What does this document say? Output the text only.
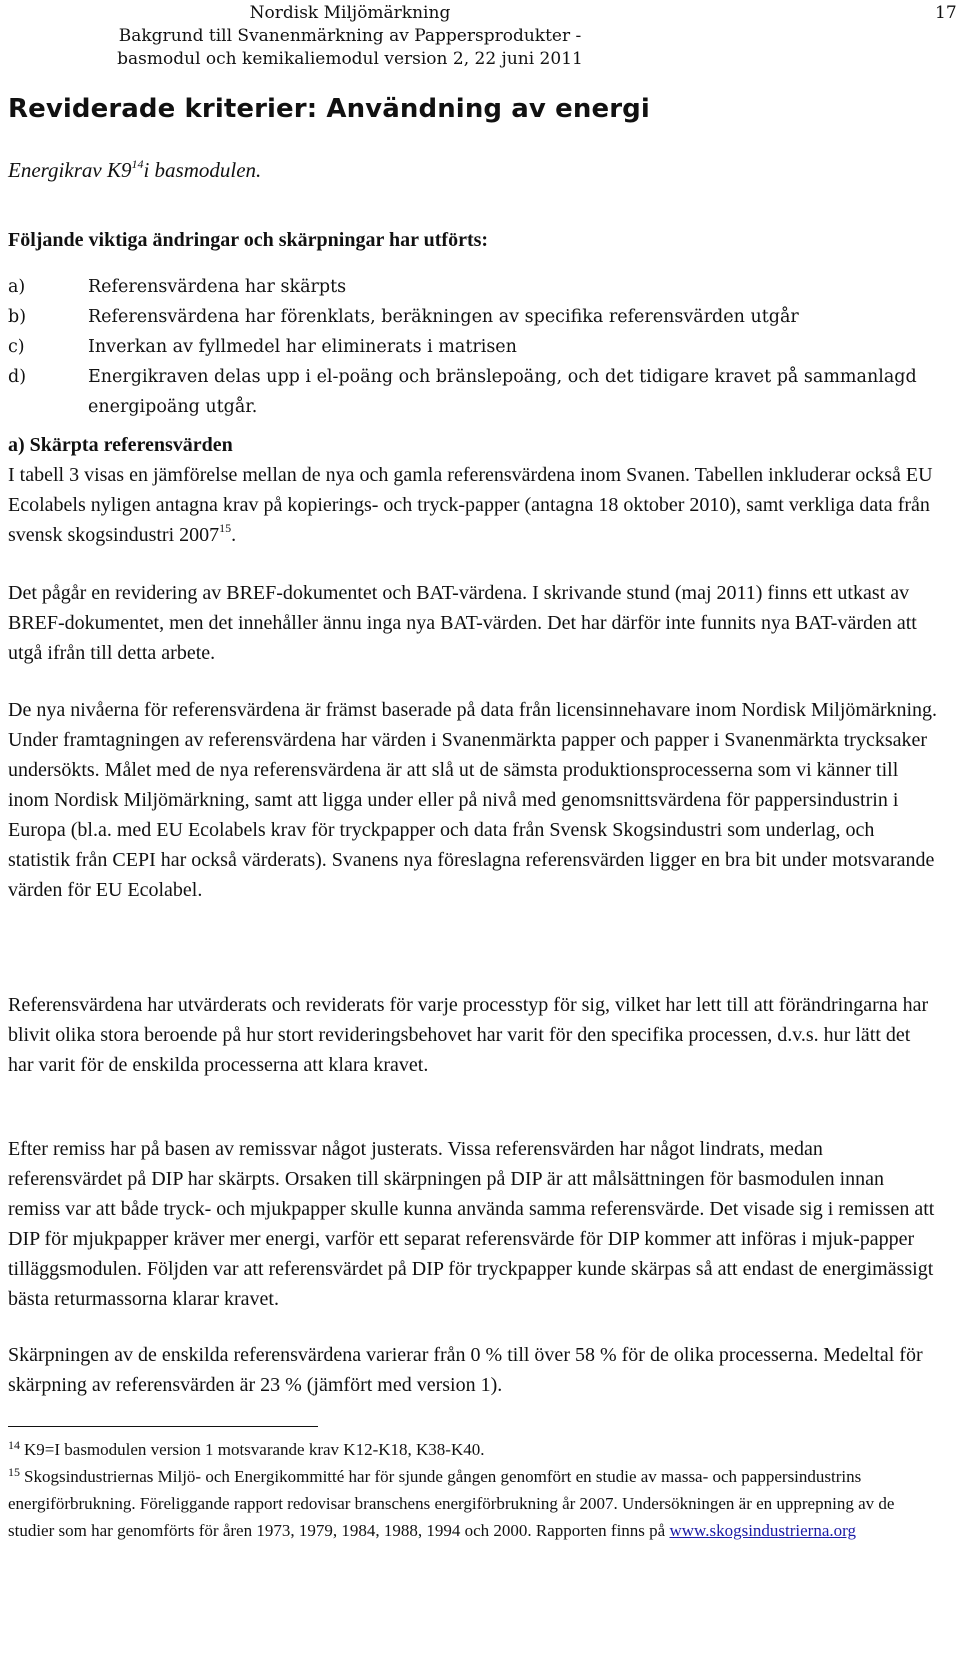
Nordisk Miljömärkning
Bakgrund till Svanenmärkning av Pappersprodukter -
basmodul och kemikaliemodul version 2, 22 juni 2011
17
Reviderade kriterier: Användning av energi
Energikrav $K9^{14}i$ basmodulen.
Följande viktiga ändringar och skärpningar har utförts:
a)	Referensvärdena har skärpts
b)	Referensvärdena har förenklats, beräkningen av specifika referensvärden utgår
c)	Inverkan av fyllmedel har eliminerats i matrisen
d)	Energikraven delas upp i el-poäng och bränslepoäng, och det tidigare kravet på sammanlagd energipoäng utgår.
a) Skärpta referensvärden

I tabell 3 visas en jämförelse mellan de nya och gamla referensvärdena inom Svanen. Tabellen inkluderar också EU Ecolabels nyligen antagna krav på kopierings- och tryck-papper (antagna 18 oktober 2010), samt verkliga data från svensk skogsindustri 2007$^{15}$.

Det pågår en revidering av BREF-dokumentet och BAT-värdena. I skrivande stund (maj 2011) finns ett utkast av BREF-dokumentet, men det innehåller ännu inga nya BAT-värden. Det har därför inte funnits nya BAT-värden att utgå ifrån till detta arbete.

De nya nivåerna för referensvärdena är främst baserade på data från licensinnehavare inom Nordisk Miljömärkning. Under framtagningen av referensvärdena har värden i Svanenmärkta papper och papper i Svanenmärkta trycksaker undersökts. Målet med de nya referensvärdena är att slå ut de sämsta produktionsprocesserna som vi känner till inom Nordisk Miljömärkning, samt att ligga under eller på nivå med genomsnittsvärdena för pappersindustrin i Europa (bl.a. med EU Ecolabels krav för tryckpapper och data från Svensk Skogsindustri som underlag, och statistik från CEPI har också värderats). Svanens nya föreslagna referensvärden ligger en bra bit under motsvarande värden för EU Ecolabel.

Referensvärdena har utvärderats och reviderats för varje processtyp för sig, vilket har lett till att förändringarna har blivit olika stora beroende på hur stort revideringsbehovet har varit för den specifika processen, d.v.s. hur lätt det har varit för de enskilda processerna att klara kravet.

Efter remiss har på basen av remissvar något justerats. Vissa referensvärden har något lindrats, medan referensvärdet på DIP har skärpts. Orsaken till skärpningen på DIP är att målsättningen för basmodulen innan remiss var att både tryck- och mjukpapper skulle kunna använda samma referensvärde. Det visade sig i remissen att DIP för mjukpapper kräver mer energi, varför ett separat referensvärde för DIP kommer att införas i mjuk-papper tilläggsmodulen. Följden var att referensvärdet på DIP för tryckpapper kunde skärpas så att endast de energimässigt bästa returmassorna klarar kravet.

Skärpningen av de enskilda referensvärdena varierar från 0 % till över 58 % för de olika processerna. Medeltal för skärpning av referensvärden är 23 % (jämfört med version 1).

$^{14}$ K9=I basmodulen version 1 motsvarande krav K12-K18, K38-K40.

$^{15}$ Skogsindustriernas Miljö- och Energikommitté har för sjunde gången genomfört en studie av massa- och pappersindustrins energiförbrukning. Föreliggande rapport redovisar branschens energiförbrukning år 2007. Undersökningen är en upprepning av de studier som har genomförts för åren 1973, 1979, 1984, 1988, 1994 och 2000. Rapporten finns på www.skogsindustrierna.org
